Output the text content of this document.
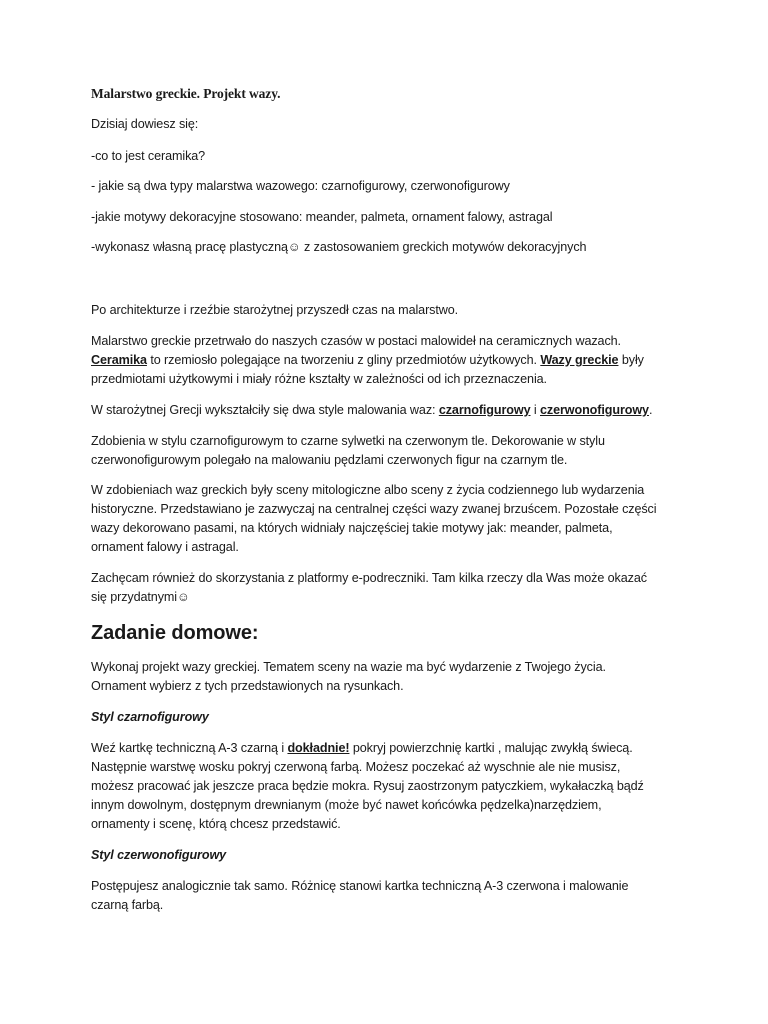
Malarstwo greckie. Projekt wazy.
Dzisiaj dowiesz się:
-co to jest ceramika?
- jakie są dwa typy malarstwa wazowego: czarnofigurowy, czerwonofigurowy
-jakie motywy dekoracyjne stosowano: meander, palmeta, ornament falowy, astragal
-wykonasz własną pracę plastyczną☺ z zastosowaniem greckich motywów dekoracyjnych
Po architekturze i rzeźbie starożytnej przyszedł czas na malarstwo.
Malarstwo greckie przetrwało do naszych czasów w postaci malowideł na ceramicznych wazach.
Ceramika to rzemiosło polegające na tworzeniu z gliny przedmiotów użytkowych. Wazy greckie były
przedmiotami użytkowymi i miały różne kształty w zależności od ich przeznaczenia.
W starożytnej Grecji wykształciły się dwa style malowania waz: czarnofigurowy i czerwonofigurowy.
Zdobienia w stylu czarnofigurowym to czarne sylwetki na czerwonym tle. Dekorowanie w stylu
czerwonofigurowym polegało na malowaniu pędzlami czerwonych figur na czarnym tle.
W zdobieniach waz greckich były sceny mitologiczne albo sceny z życia codziennego lub wydarzenia
historyczne. Przedstawiano je zazwyczaj na centralnej części wazy zwanej brzuścem. Pozostałe części
wazy dekorowano pasami, na których widniały najczęściej takie motywy jak: meander, palmeta,
ornament falowy i astragal.
Zachęcam również do skorzystania z platformy e-podreczniki. Tam kilka rzeczy dla Was może okazać
się przydatnymi☺
Zadanie domowe:
Wykonaj projekt wazy greckiej. Tematem sceny na wazie ma być wydarzenie z Twojego życia.
Ornament wybierz z tych przedstawionych na rysunkach.
Styl czarnofigurowy
Weź kartkę techniczną A-3 czarną i dokładnie! pokryj powierzchnię kartki , malując zwykłą świecą.
Następnie warstwę wosku pokryj czerwoną farbą. Możesz poczekać aż wyschnie ale nie musisz,
możesz pracować jak jeszcze praca będzie mokra. Rysuj zaostrzonym patyczkiem, wykałaczką bądź
innym dowolnym, dostępnym drewnianym (może być nawet końcówka pędzelka)narzędziem,
ornamenty i scenę, którą chcesz przedstawić.
Styl czerwonofigurowy
Postępujesz analogicznie tak samo. Różnicę stanowi kartka techniczną A-3 czerwona i malowanie
czarną farbą.
